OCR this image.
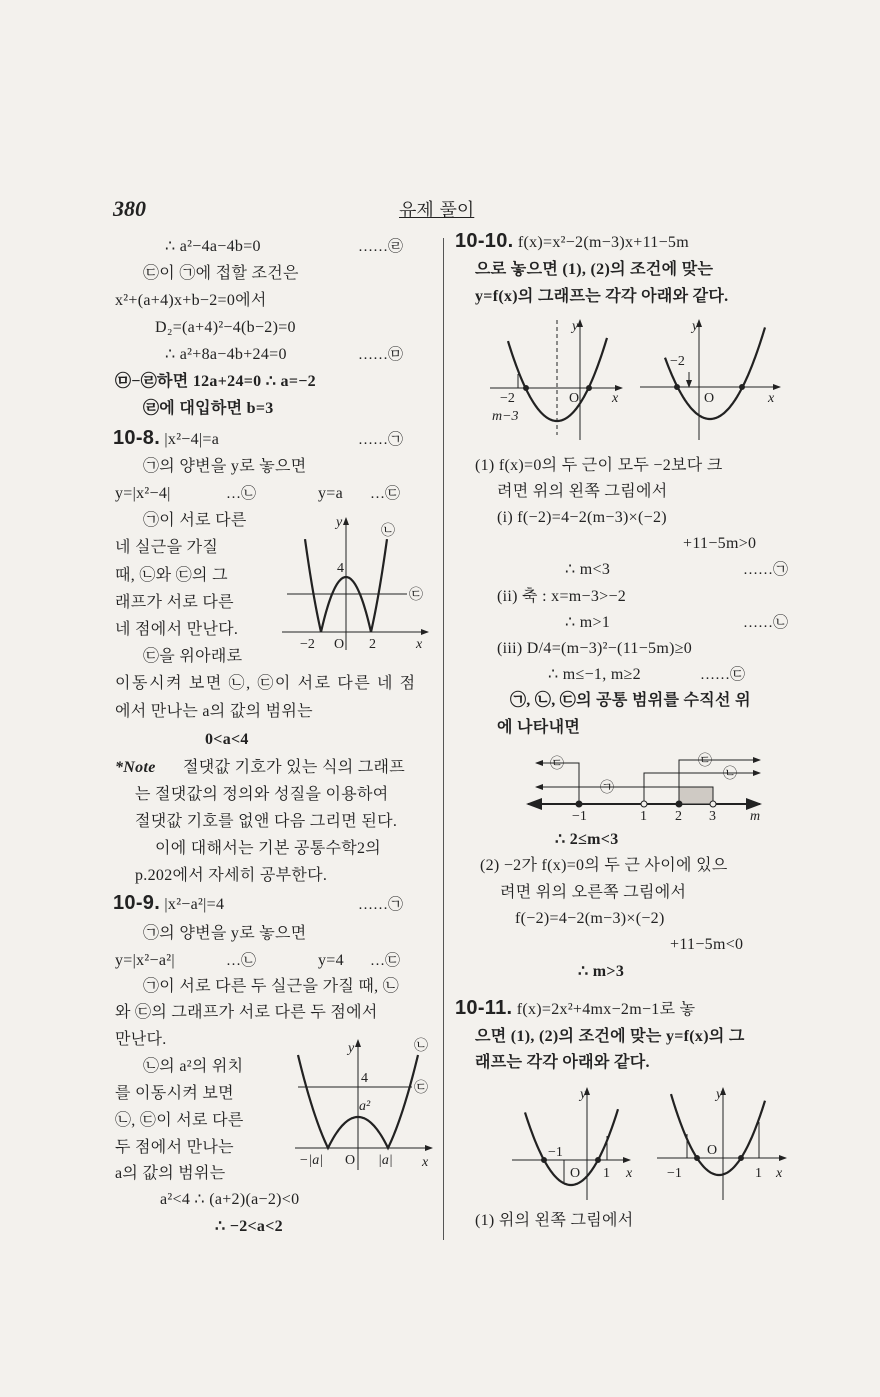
380	유제 풀이
∴ a²−4a−4b=0	……㉣
㉢이 ㉠에 접할 조건은
x²+(a+4)x+b−2=0에서
D₂=(a+4)²−4(b−2)=0
∴ a²+8a−4b+24=0	……㉤
㉤−㉣하면 12a+24=0 ∴ a=−2
㉣에 대입하면 b=3
10-8. |x²−4|=a	……㉠
㉠의 양변을 y로 놓으면
y=|x²−4|	…㉡	y=a …㉢
㉠이 서로 다른
네 실근을 가질
때, ㉡와 ㉢의 그
래프가 서로 다른
네 점에서 만난다.
㉢을 위아래로
이동시켜 보면 ㉡, ㉢이 서로 다른 네 점
에서 만나는 a의 값의 범위는
0<a<4
*Note 절댓값 기호가 있는 식의 그래프
는 절댓값의 정의와 성질을 이용하여
절댓값 기호를 없앤 다음 그리면 된다.
이에 대해서는 기본 공통수학2의
p.202에서 자세히 공부한다.
10-9. |x²−a²|=4	……㉠
㉠의 양변을 y로 놓으면
y=|x²−a²|	…㉡	y=4 …㉢
㉠이 서로 다른 두 실근을 가질 때, ㉡
와 ㉢의 그래프가 서로 다른 두 점에서
만난다.
㉡의 a²의 위치
를 이동시켜 보면
㉡, ㉢이 서로 다른
두 점에서 만나는
a의 값의 범위는
a²<4 ∴ (a+2)(a−2)<0
∴ −2<a<2
10-10. f(x)=x²−2(m−3)x+11−5m
으로 놓으면 (1), (2)의 조건에 맞는
y=f(x)의 그래프는 각각 아래와 같다.
(1) f(x)=0의 두 근이 모두 −2보다 크
려면 위의 왼쪽 그림에서
(i) f(−2)=4−2(m−3)×(−2)
+11−5m>0
∴ m<3	……㉠
(ii) 축 : x=m−3>−2
∴ m>1	……㉡
(iii) D/4=(m−3)²−(11−5m)≥0
∴ m≤−1, m≥2	……㉢
㉠, ㉡, ㉢의 공통 범위를 수직선 위
에 나타내면
∴ 2≤m<3
(2) −2가 f(x)=0의 두 근 사이에 있으
려면 위의 오른쪽 그림에서
f(−2)=4−2(m−3)×(−2)
+11−5m<0
∴ m>3
10-11. f(x)=2x²+4mx−2m−1로 놓
으면 (1), (2)의 조건에 맞는 y=f(x)의 그
래프는 각각 아래와 같다.
(1) 위의 왼쪽 그림에서
y
4
−2 O 2	x
㉡
㉢
y
4
a²
−|a| O |a| x
㉡
㉢
y
−2	O x
m−3
y
−2
O	x
−1	1 2 3 m
㉢
㉠
㉡
㉢
y
−1
O 1 x
y
−1
O
1 x
